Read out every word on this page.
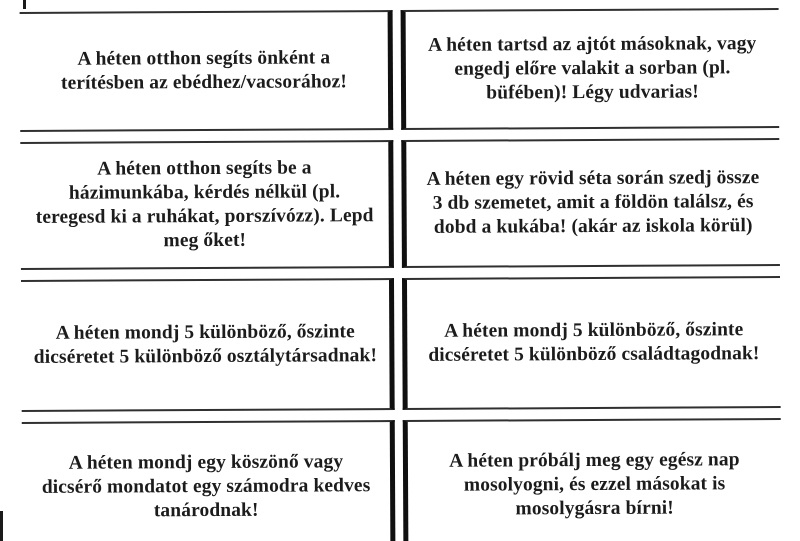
A héten otthon segíts önként a
terítésben az ebédhez/vacsorához!
A héten tartsd az ajtót másoknak, vagy
engedj előre valakit a sorban (pl.
büfében)! Légy udvarias!
A héten otthon segíts be a
házimunkába, kérdés nélkül (pl.
teregesd ki a ruhákat, porszívózz). Lepd
meg őket!
A héten egy rövid séta során szedj össze
3 db szemetet, amit a földön találsz, és
dobd a kukába! (akár az iskola körül)
A héten mondj 5 különböző, őszinte
dicséretet 5 különböző osztálytársadnak!
A héten mondj 5 különböző, őszinte
dicséretet 5 különböző családtagodnak!
A héten mondj egy köszönő vagy
dicsérő mondatot egy számodra kedves
tanárodnak!
A héten próbálj meg egy egész nap
mosolyogni, és ezzel másokat is
mosolygásra bírni!
